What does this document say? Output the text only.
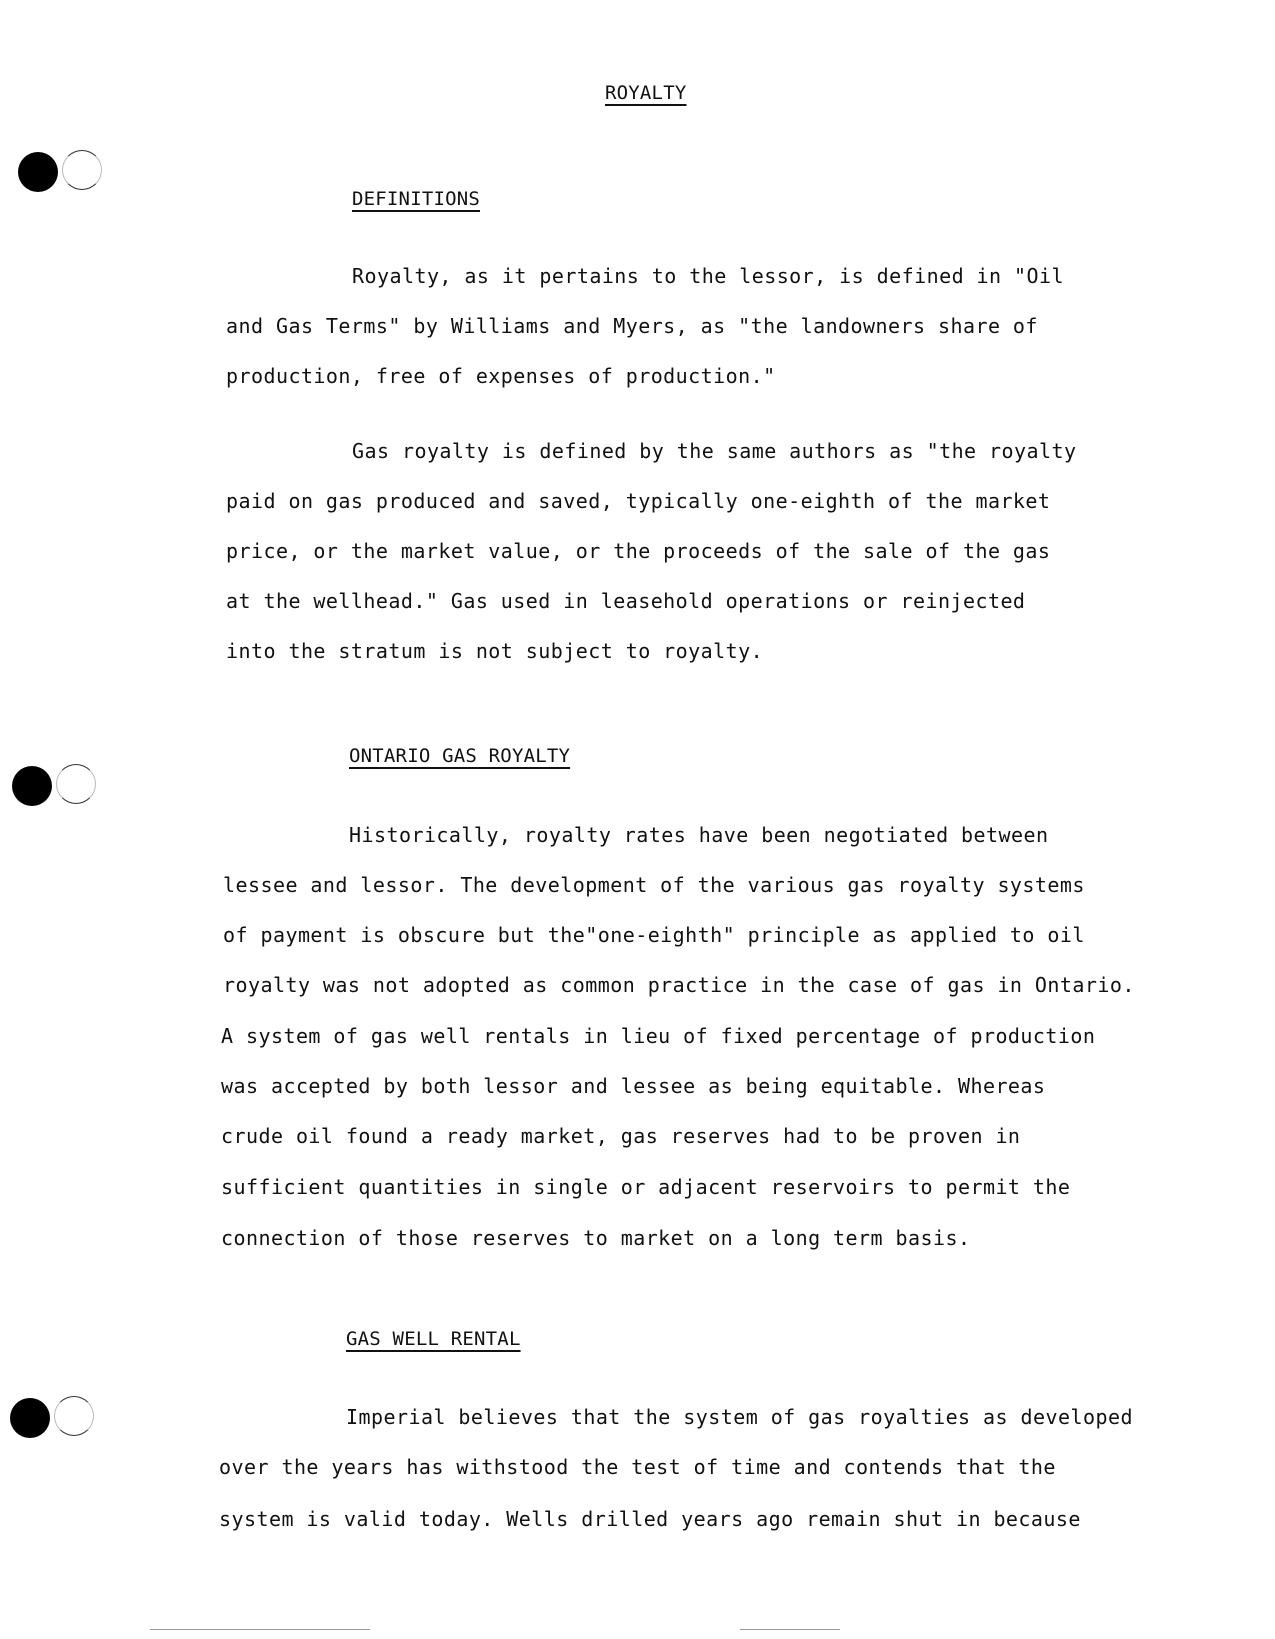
ROYALTY
DEFINITIONS
Royalty, as it pertains to the lessor, is defined in "Oil
and Gas Terms" by Williams and Myers, as "the landowners share of
production, free of expenses of production."
Gas royalty is defined by the same authors as "the royalty
paid on gas produced and saved, typically one-eighth of the market
price, or the market value, or the proceeds of the sale of the gas
at the wellhead." Gas used in leasehold operations or reinjected
into the stratum is not subject to royalty.
ONTARIO GAS ROYALTY
Historically, royalty rates have been negotiated between
lessee and lessor. The development of the various gas royalty systems
of payment is obscure but the"one-eighth" principle as applied to oil
royalty was not adopted as common practice in the case of gas in Ontario.
A system of gas well rentals in lieu of fixed percentage of production
was accepted by both lessor and lessee as being equitable. Whereas
crude oil found a ready market, gas reserves had to be proven in
sufficient quantities in single or adjacent reservoirs to permit the
connection of those reserves to market on a long term basis.
GAS WELL RENTAL
Imperial believes that the system of gas royalties as developed
over the years has withstood the test of time and contends that the
system is valid today. Wells drilled years ago remain shut in because
